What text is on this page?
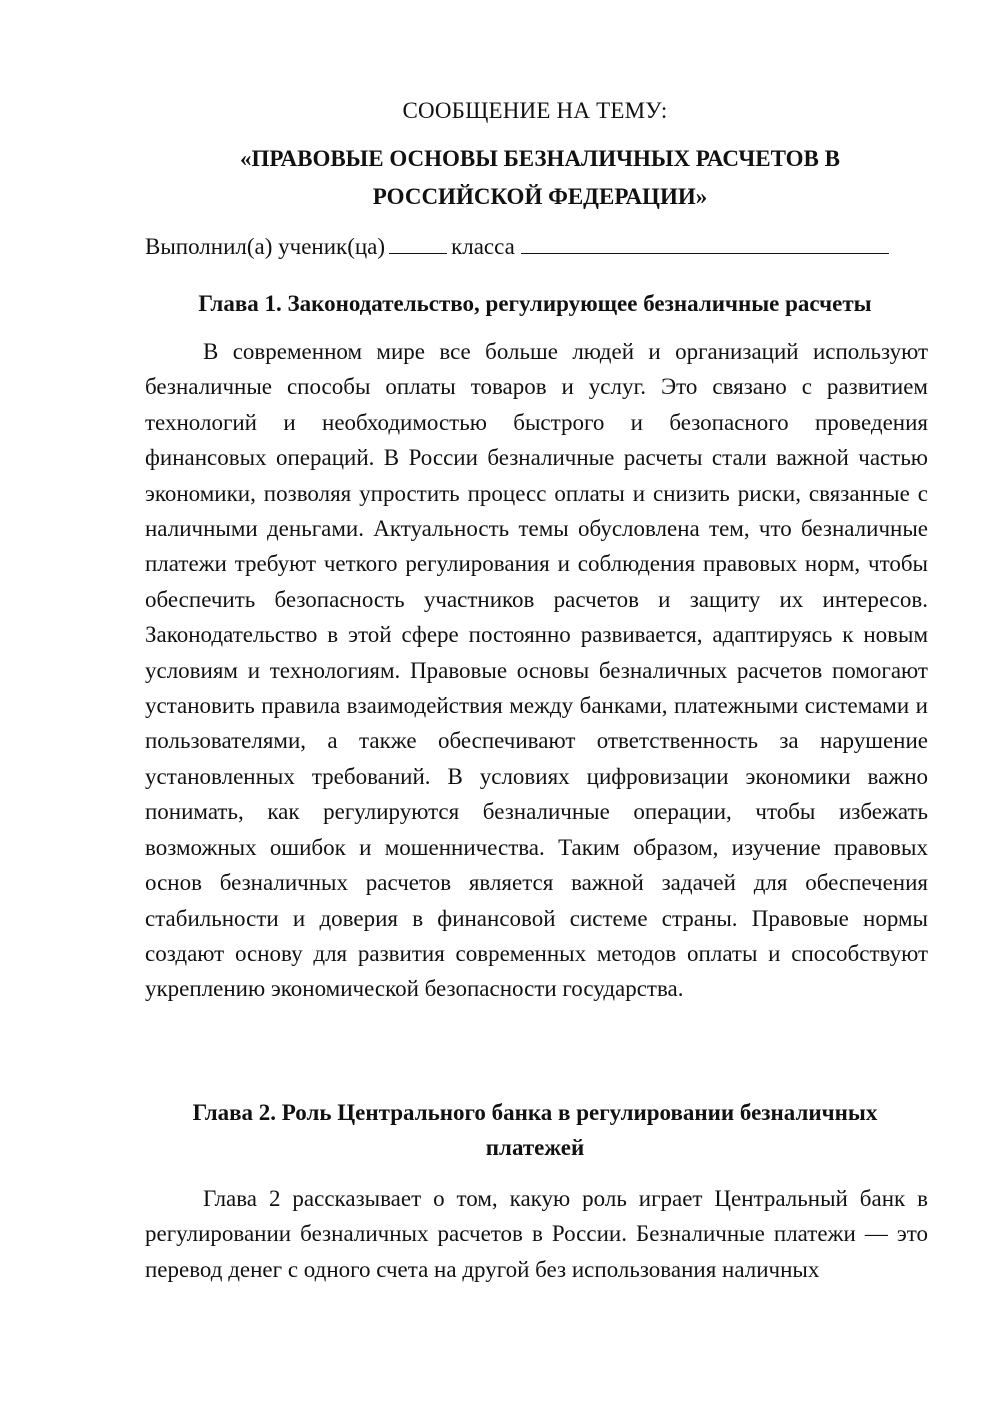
СООБЩЕНИЕ НА ТЕМУ:
«ПРАВОВЫЕ ОСНОВЫ БЕЗНАЛИЧНЫХ РАСЧЕТОВ В РОССИЙСКОЙ ФЕДЕРАЦИИ»
Выполнил(а) ученик(ца)	класса
Глава 1. Законодательство, регулирующее безналичные расчеты

В современном мире все больше людей и организаций используют безналичные способы оплаты товаров и услуг. Это связано с развитием технологий и необходимостью быстрого и безопасного проведения финансовых операций. В России безналичные расчеты стали важной частью экономики, позволяя упростить процесс оплаты и снизить риски, связанные с наличными деньгами. Актуальность темы обусловлена тем, что безналичные платежи требуют четкого регулирования и соблюдения правовых норм, чтобы обеспечить безопасность участников расчетов и защиту их интересов. Законодательство в этой сфере постоянно развивается, адаптируясь к новым условиям и технологиям. Правовые основы безналичных расчетов помогают установить правила взаимодействия между банками, платежными системами и пользователями, а также обеспечивают ответственность за нарушение установленных требований. В условиях цифровизации экономики важно понимать, как регулируются безналичные операции, чтобы избежать возможных ошибок и мошенничества. Таким образом, изучение правовых основ безналичных расчетов является важной задачей для обеспечения стабильности и доверия в финансовой системе страны. Правовые нормы создают основу для развития современных методов оплаты и способствуют укреплению экономической безопасности государства.

Глава 2. Роль Центрального банка в регулировании безналичных платежей

Глава 2 рассказывает о том, какую роль играет Центральный банк в регулировании безналичных расчетов в России. Безналичные платежи — это перевод денег с одного счета на другой без использования наличных
